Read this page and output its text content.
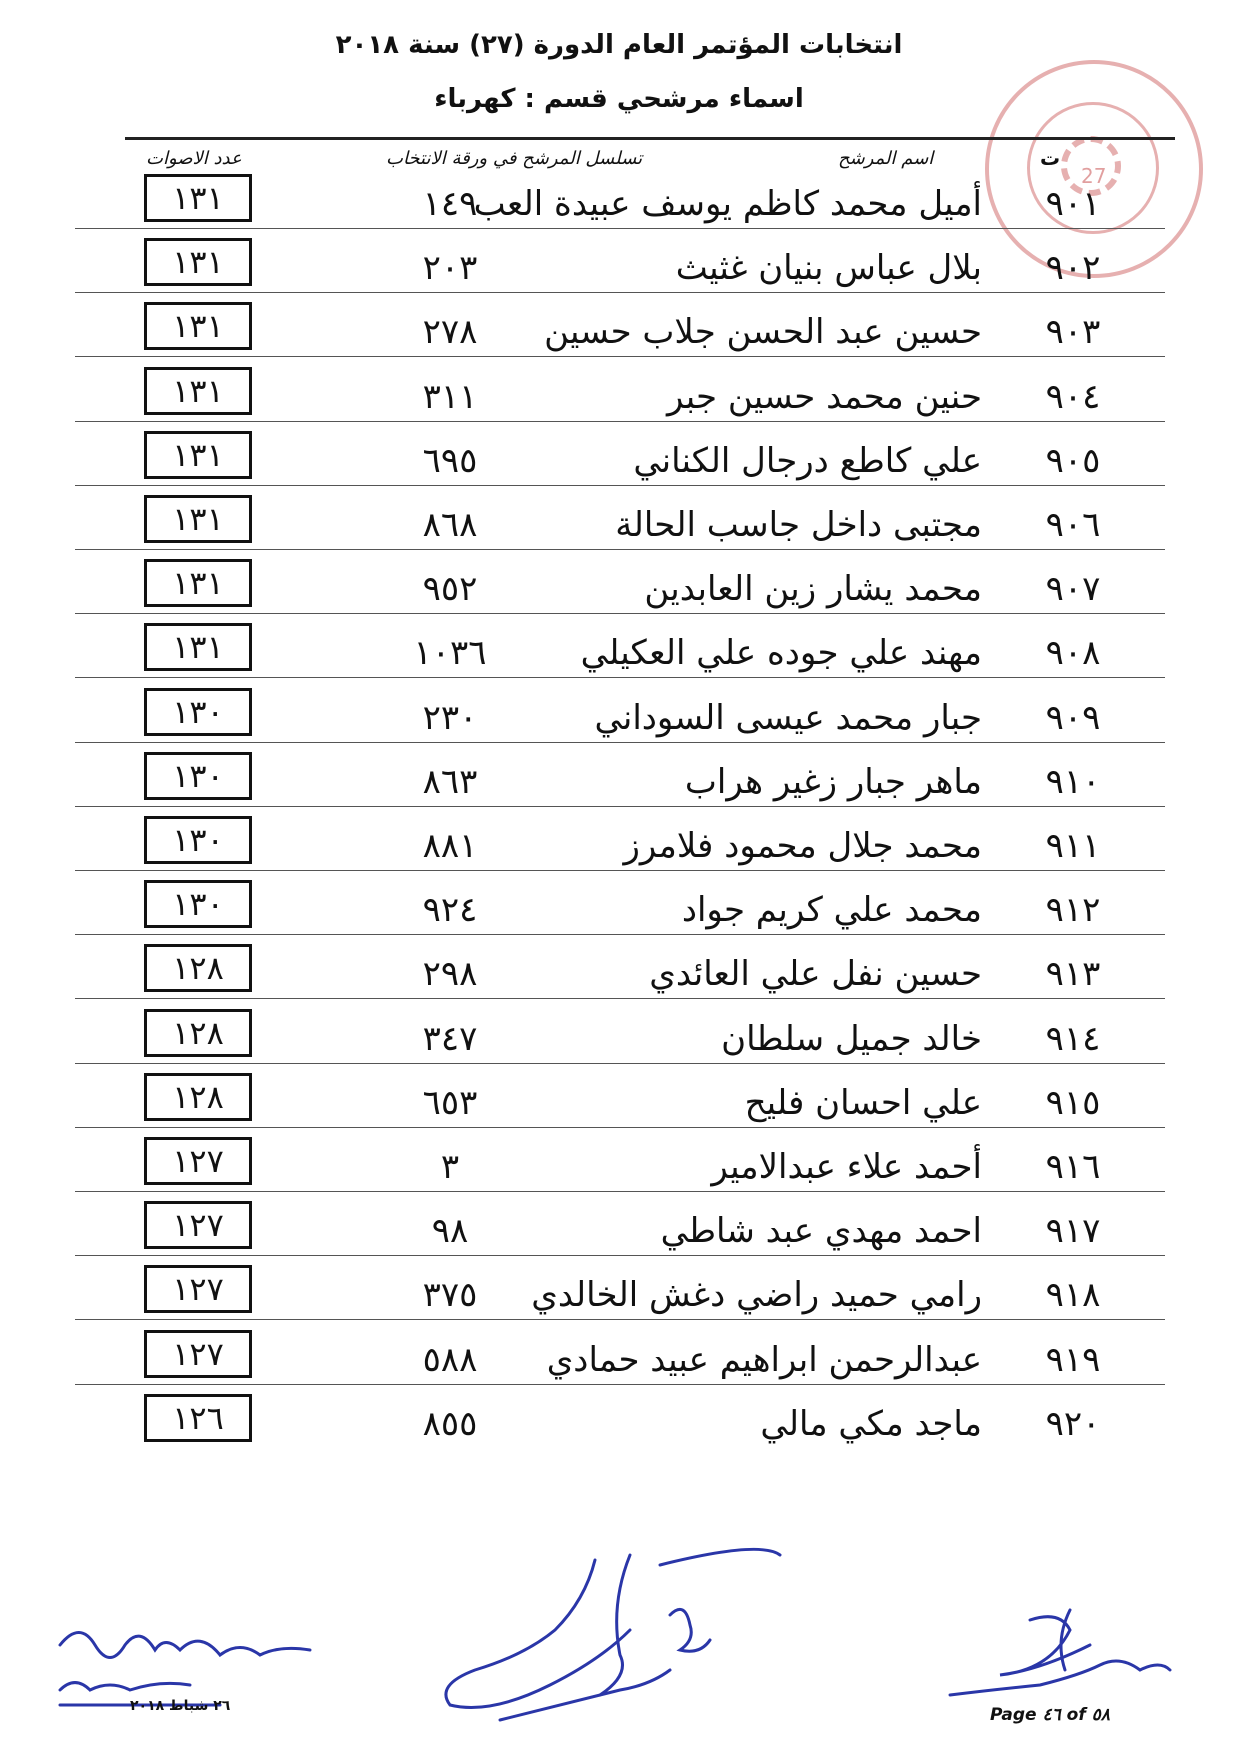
انتخابات المؤتمر العام الدورة (٢٧) سنة ٢٠١٨
اسماء مرشحي قسم : كهرباء
27
ت
اسم المرشح
تسلسل المرشح في ورقة الانتخاب
عدد الاصوات
٩٠١
أميل محمد كاظم يوسف عبيدة العب
١٤٩
١٣١
٩٠٢
بلال عباس بنيان غثيث
٢٠٣
١٣١
٩٠٣
حسين عبد الحسن جلاب حسين
٢٧٨
١٣١
٩٠٤
حنين محمد حسين جبر
٣١١
١٣١
٩٠٥
علي كاطع درجال الكناني
٦٩٥
١٣١
٩٠٦
مجتبى داخل جاسب الحالة
٨٦٨
١٣١
٩٠٧
محمد يشار زين العابدين
٩٥٢
١٣١
٩٠٨
مهند علي جوده علي العكيلي
١٠٣٦
١٣١
٩٠٩
جبار محمد عيسى السوداني
٢٣٠
١٣٠
٩١٠
ماهر جبار زغير هراب
٨٦٣
١٣٠
٩١١
محمد جلال محمود فلامرز
٨٨١
١٣٠
٩١٢
محمد علي كريم جواد
٩٢٤
١٣٠
٩١٣
حسين نفل علي العائدي
٢٩٨
١٢٨
٩١٤
خالد جميل سلطان
٣٤٧
١٢٨
٩١٥
علي احسان فليح
٦٥٣
١٢٨
٩١٦
أحمد علاء عبدالامير
٣
١٢٧
٩١٧
احمد مهدي عبد شاطي
٩٨
١٢٧
٩١٨
رامي حميد راضي دغش الخالدي
٣٧٥
١٢٧
٩١٩
عبدالرحمن ابراهيم عبيد حمادي
٥٨٨
١٢٧
٩٢٠
ماجد مكي مالي
٨٥٥
١٢٦
٢٦ شباط ٢٠١٨	Page ٤٦ of ٥٨
